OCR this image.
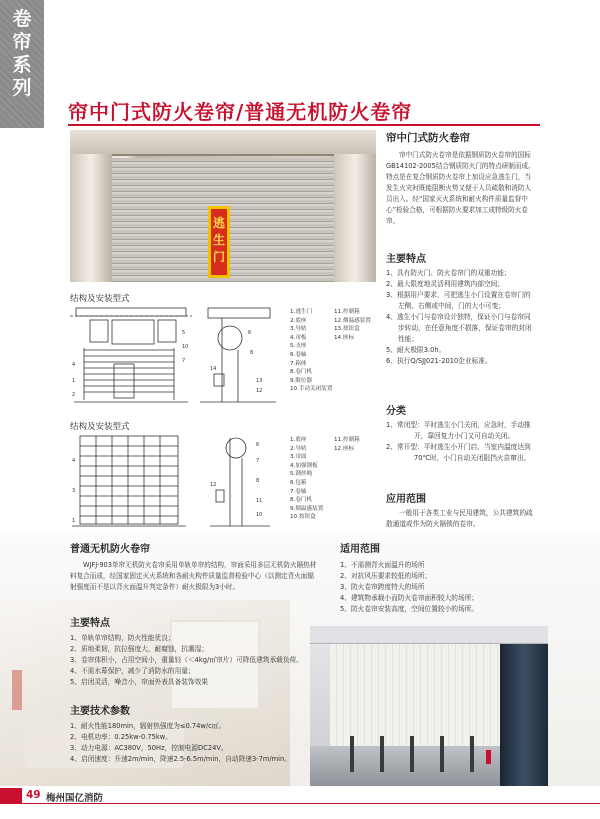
卷帘系列
帘中门式防火卷帘/普通无机防火卷帘
逃生门
帘中门式防火卷帘

帘中门式防火卷帘是依据钢质防火卷帘的国标GB14102-2005结合钢质防火门的特点研制而成。特点是在复合钢质防火卷帘上加设应急逃生门，当发生火灾时既能阻断火势又便于人员疏散和消防人员出入。经“国家灭火系统和耐火构件质量监督中心”检验合格，可根据防火要求加工成特级防火卷帘。

主要特点
1、具有防火门、防火卷帘门的双重功能；
2、最大限度地灵活利用建筑内部空间；
3、根据用户要求，可把逃生小门设置在卷帘门的左侧、右侧或中间，门的大小可变；
4、逃生小门与卷帘设计独特，保证小门与卷帘同步转动，在任意角度不损落，保证卷帘的封闭性能；
5、耐火极限3.0h。
6、执行Q/SJJ021-2010企业标准。
分类
1、常闭型：平时逃生小门关闭，应急时，手动推开，靠回复力小门又可自动关闭。
2、常开型：平时逃生小开门启，当室内温度达到70℃时，小门自动关闭阻挡火苗窜出。
应用范围

一般用于各类工业与民用建筑，公共建筑的疏散通道或作为防火隔锁的卷帘。

结构及安装型式
4
1
2
5
10
7
8
6
14
13
12
1.逃生门
2.底座
3.导轨
4.帘板
5.支座
6.卷轴
7.箱体
8.卷门机
9.限位器
10.手动关闭装置
11.控制箱
12.烟温感装置
13.按钮盒
14.座标
结构及安装型式
4
3
1
6
7
8
12
11
10
1.底座
2.导轨
3.帘面
4.加强钢板
5.钢丝绳
6.包箱
7.卷轴
8.卷门机
9.烟温感装置
10.按钮盒
11.控制箱
12.座标
普通无机防火卷帘

WJFJ-903单帘无机防火卷帘采用单轨单帘的结构，帘面采用多层无机防火隔热材料复合而成，经国家固定灭火系统和各耐火构件质量监督检验中心（以测定背火面辐射强度而不是以背火面温升判定条件）耐火极限为3小时。

主要特点
1、单轨单帘结构，防火性能优良；
2、质地柔韧，抗拉强度大，耐腐蚀，抗潮湿；
3、卷帘体积小，占用空间小，重量轻（＜4kg/㎡帘片）可降低建筑承载负荷。
4、不需水幕保护，减少了消防水的用量；
5、启闭灵活，噪音小，帘面外表具备装饰效果
主要技术参数
1、耐火性能180min，辐射热强度为≤0.74w/c㎡。
2、电机功率：0.25kw-0.75kw。
3、动力电源：AC380V，50Hz，控制电源DC24V。
4、启闭速度：升速2m/min，降速2.5-6.5m/min，自动降速3-7m/min。
适用范围
1、不需测背火面温升的场所
2、对抗风压要求较低的场所；
3、防火卷帘跨度特大的场所
4、建筑物承载小而防火卷帘面积较大的场所；
5、防火卷帘安装高度，空间位置较小的场所。
49 梅州国亿消防
